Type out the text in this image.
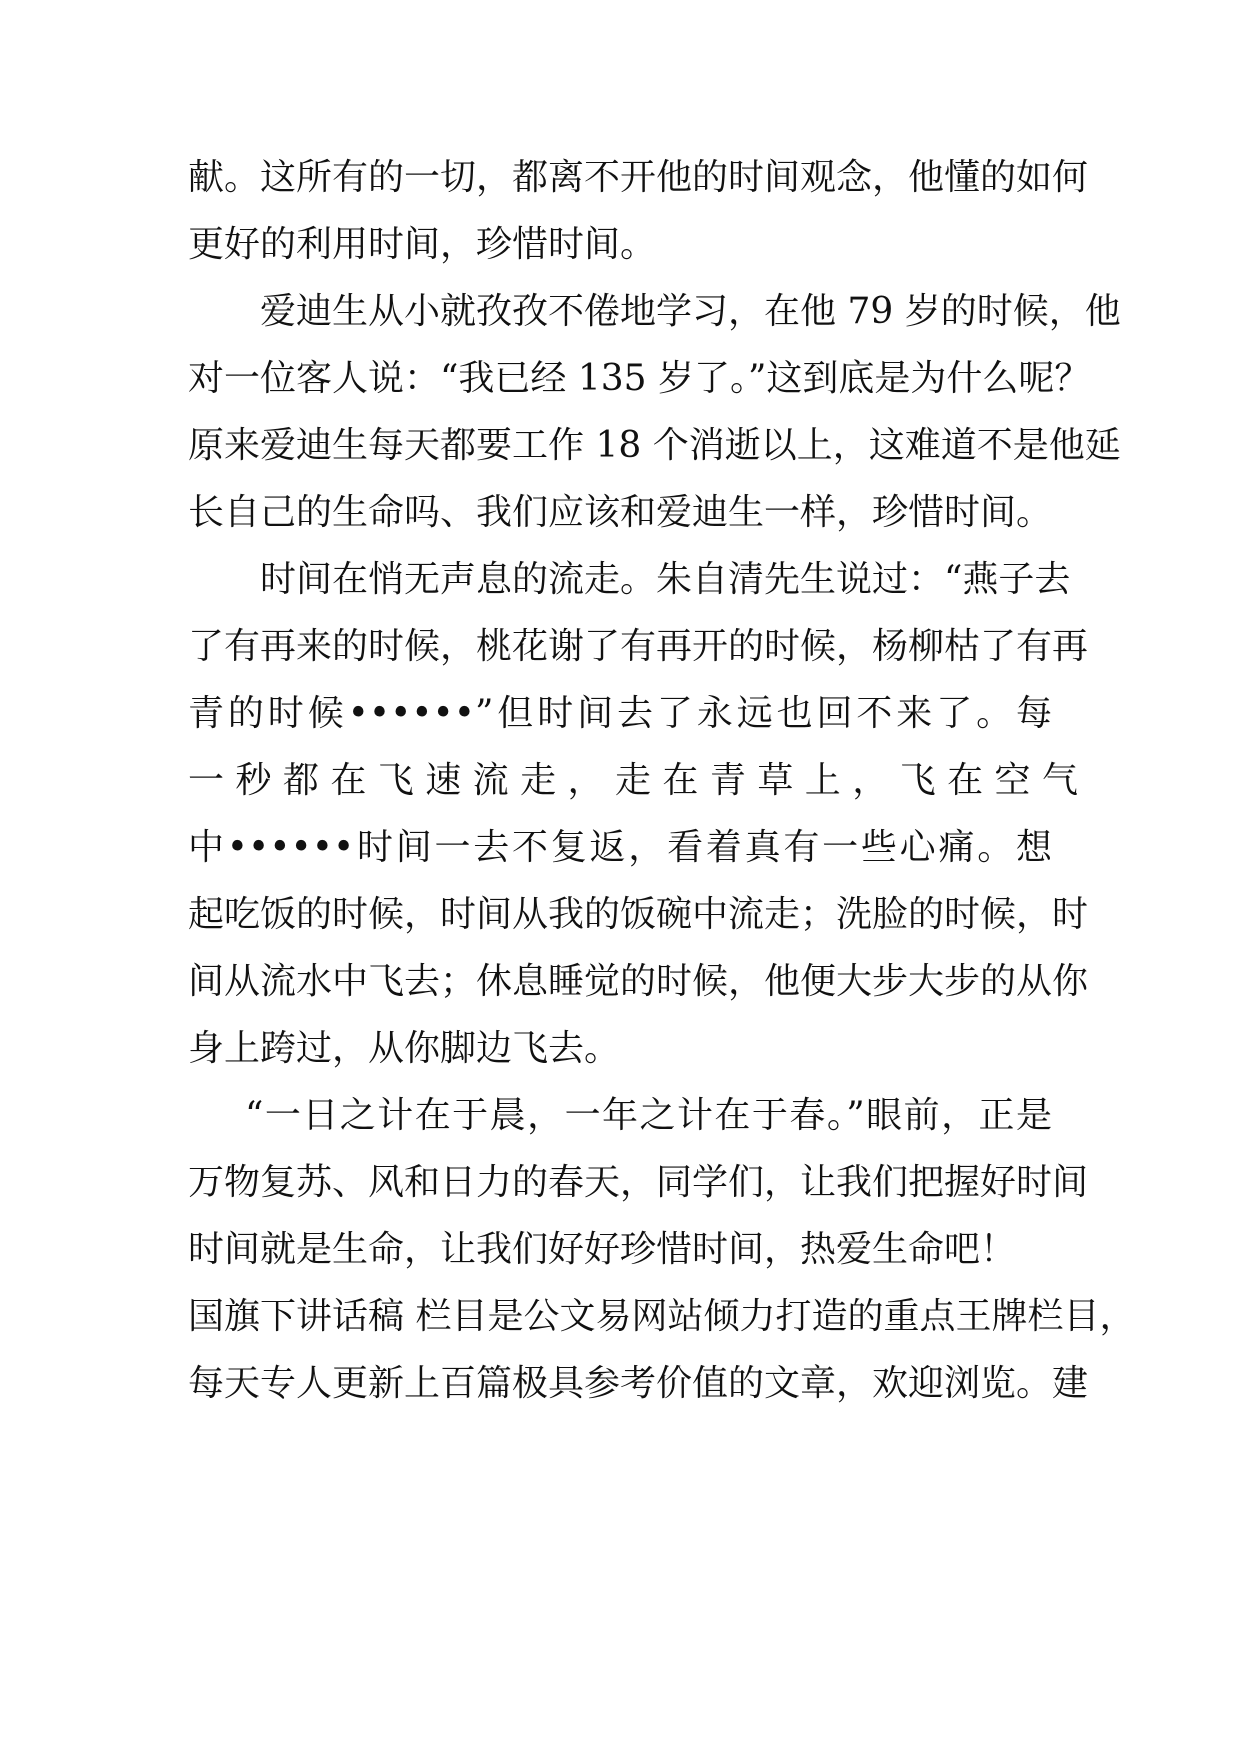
献。这所有的一切，都离不开他的时间观念，他懂的如何
更好的利用时间，珍惜时间。
爱迪生从小就孜孜不倦地学习，在他 79 岁的时候，他
对一位客人说：“我已经 135 岁了。”这到底是为什么呢？
原来爱迪生每天都要工作 18 个消逝以上，这难道不是他延
长自己的生命吗、我们应该和爱迪生一样，珍惜时间。
时间在悄无声息的流走。朱自清先生说过：“燕子去
了有再来的时候，桃花谢了有再开的时候，杨柳枯了有再
青的时候••••••”但时间去了永远也回不来了。每
一 秒 都 在 飞 速 流 走 ， 走 在 青 草 上 ， 飞 在 空 气
中••••••时间一去不复返，看着真有一些心痛。想
起吃饭的时候，时间从我的饭碗中流走；洗脸的时候，时
间从流水中飞去；休息睡觉的时候，他便大步大步的从你
身上跨过，从你脚边飞去。
“一日之计在于晨，一年之计在于春。”眼前，正是
万物复苏、风和日力的春天，同学们，让我们把握好时间
时间就是生命，让我们好好珍惜时间，热爱生命吧！
国旗下讲话稿 栏目是公文易网站倾力打造的重点王牌栏目，
每天专人更新上百篇极具参考价值的文章，欢迎浏览。建
